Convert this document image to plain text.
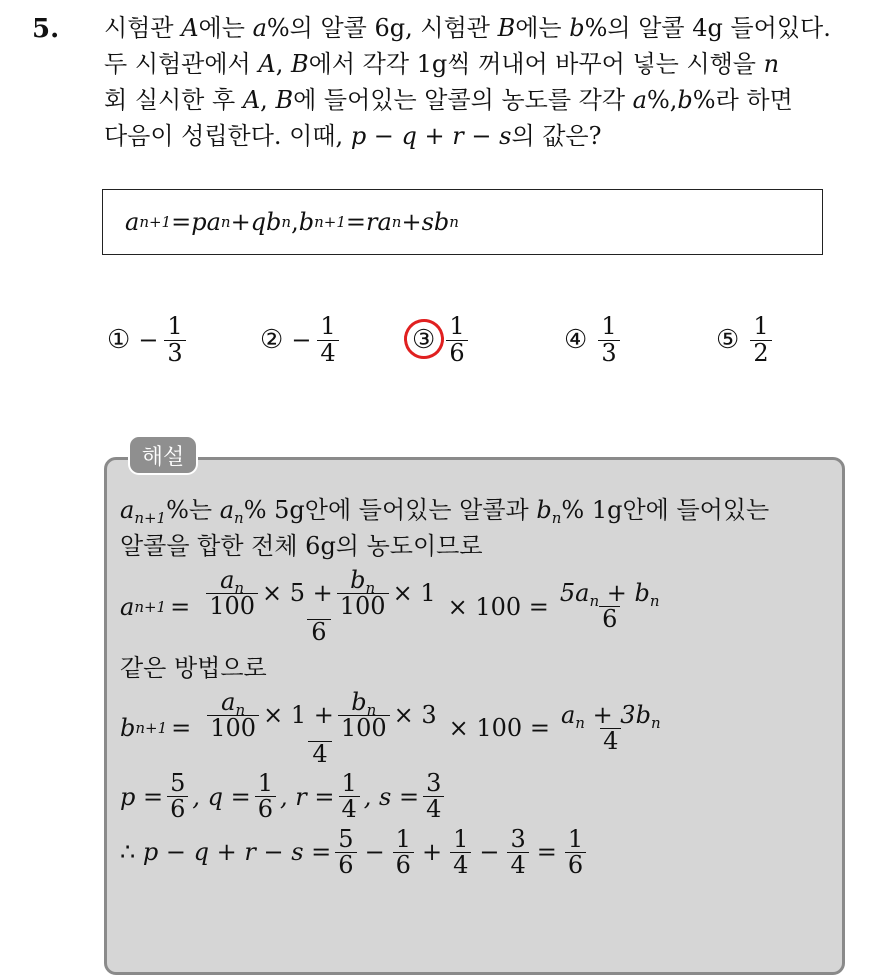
5. 시험관 A에는 a%의 알콜 6g, 시험관 B에는 b%의 알콜 4g 들어있다.

두 시험관에서 A, B에서 각각 1g씩 꺼내어 바꾸어 넣는 시행을 n

회 실시한 후 A, B에 들어있는 알콜의 농도를 각각 a%,b%라 하면

다음이 성립한다. 이때, p − q + r − s의 값은?

a n+1 = p a n + q b n , b n+1 = r a n + s b n
① − $\frac{1}{3}$	② − $\frac{1}{4}$	③ $\frac{1}{6}$	④ $\frac{1}{3}$	⑤ $\frac{1}{2}$
해설
$a_{n+1}\%$는 $a_n\%$ 5g안에 들어있는 알콜과 $b_n\%$ 1g안에 들어있는
알콜을 합한 전체 6g의 농도이므로
a $n+1 = \frac{\frac{a_n}{100} \times 5 + \frac{b_n}{100} \times 1}{6} \times 100 = \frac{5a_n + b_n}{6}$
같은 방법으로
b $n+1 = \frac{\frac{a_n}{100} \times 1 + \frac{b_n}{100} \times 3}{4} \times 100 = \frac{a_n + 3b_n}{4}$
$p = \frac{5}{6}$ , $q = \frac{1}{6}$ , $r = \frac{1}{4}$ , $s = \frac{3}{4}$
∴
$p - q + r - s = \frac{5}{6} - \frac{1}{6} + \frac{1}{4} - \frac{3}{4} = \frac{1}{6}$
